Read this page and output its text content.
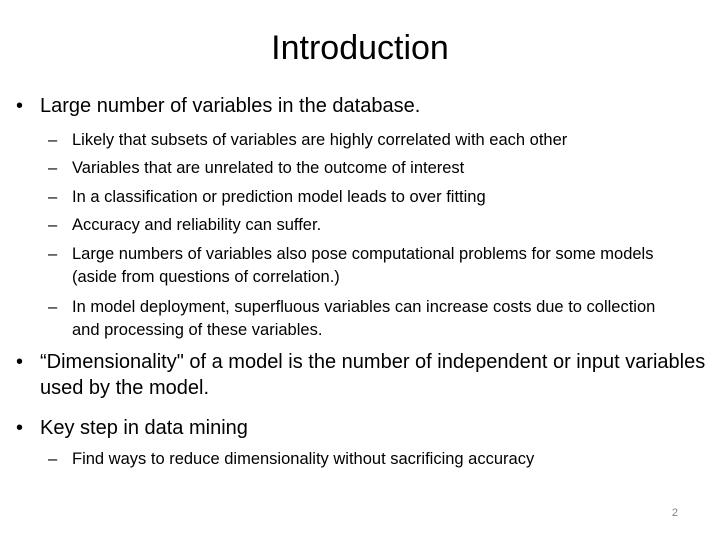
Introduction
• Large number of variables in the database.
– Likely that subsets of variables are highly correlated with each other
– Variables that are unrelated to the outcome of interest
– In a classification or prediction model leads to over fitting
– Accuracy and reliability can suffer.
– Large numbers of variables also pose computational problems for some models (aside from questions of correlation.)
– In model deployment, superfluous variables can increase costs due to collection and processing of these variables.
• “Dimensionality" of a model is the number of independent or input variables used by the model.
• Key step in data mining
– Find ways to reduce dimensionality without sacrificing accuracy
2
